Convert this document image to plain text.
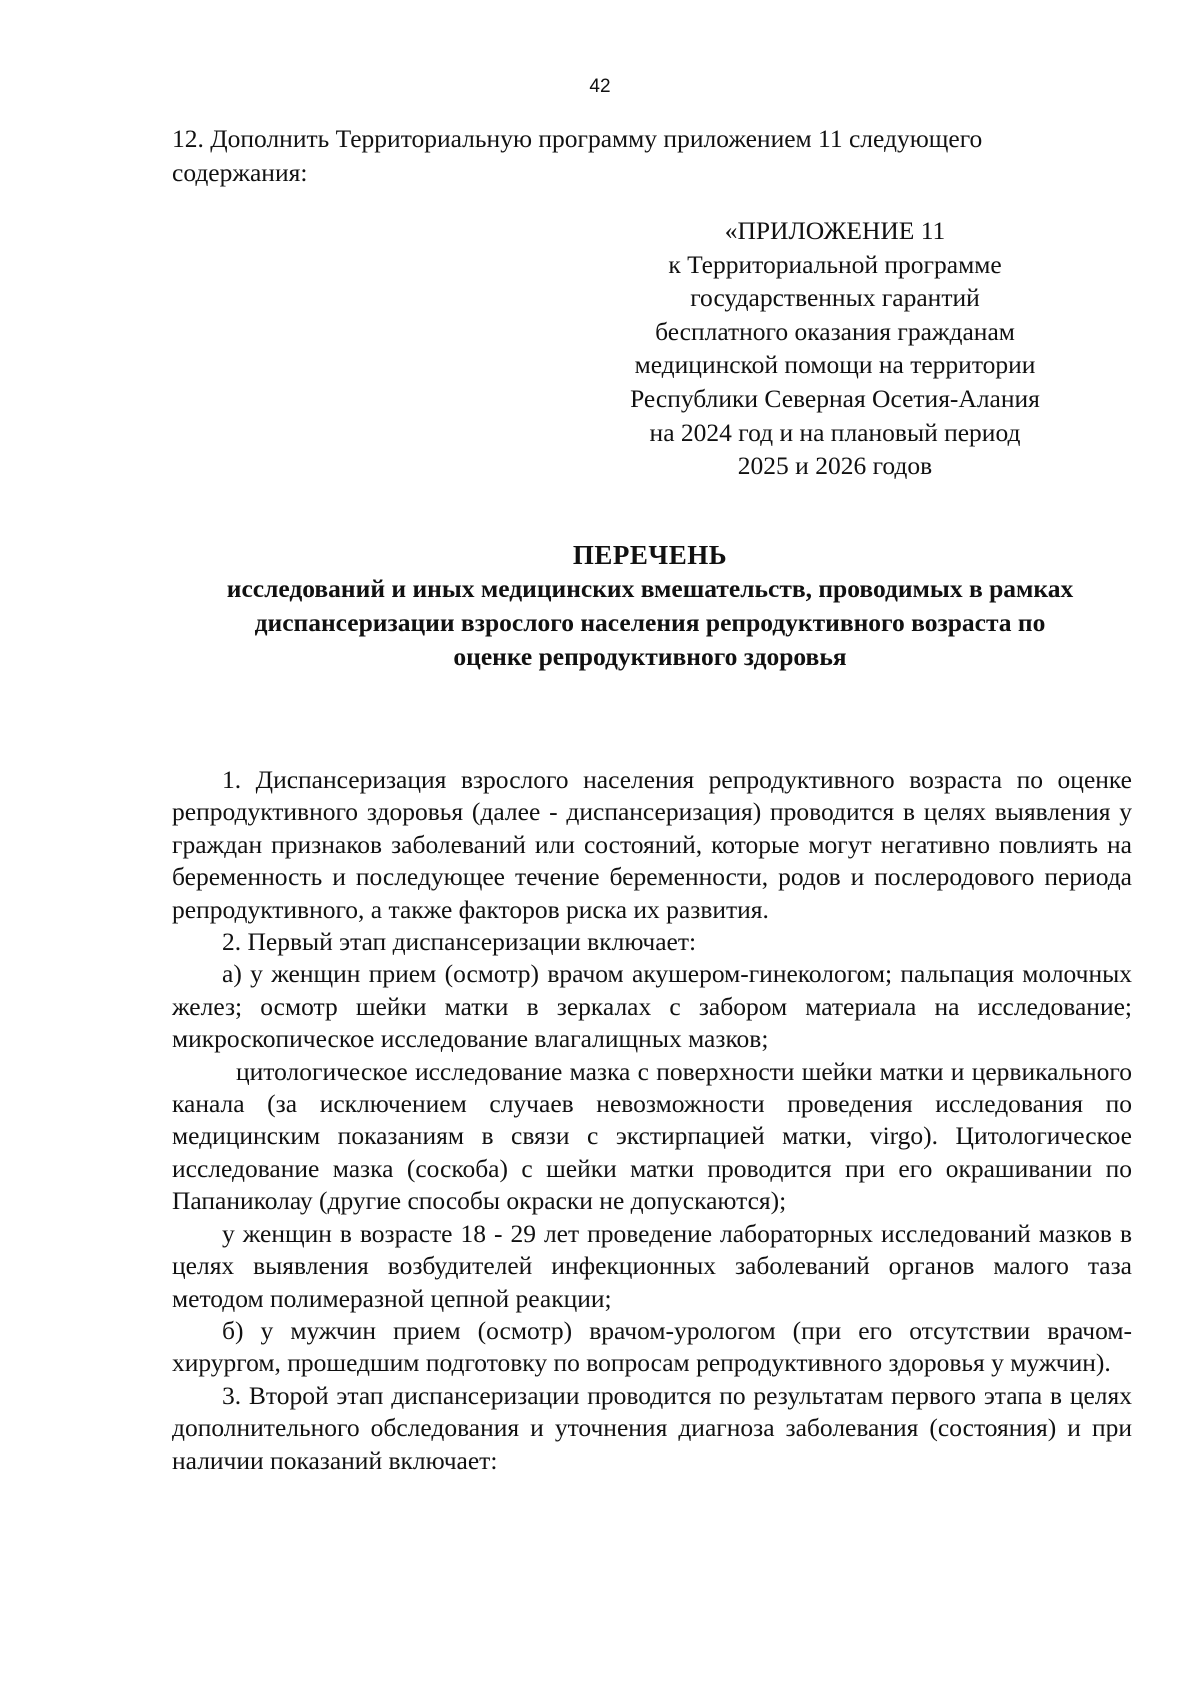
42

12. Дополнить Территориальную программу приложением 11 следующего содержания:

«ПРИЛОЖЕНИЕ 11
к Территориальной программе
государственных гарантий
бесплатного оказания гражданам
медицинской помощи на территории
Республики Северная Осетия-Алания
на 2024 год и на плановый период
2025 и 2026 годов
ПЕРЕЧЕНЬ
исследований и иных медицинских вмешательств, проводимых в рамках
диспансеризации взрослого населения репродуктивного возраста по
оценке репродуктивного здоровья

1. Диспансеризация взрослого населения репродуктивного возраста по оценке репродуктивного здоровья (далее - диспансеризация) проводится в целях выявления у граждан признаков заболеваний или состояний, которые могут негативно повлиять на беременность и последующее течение беременности, родов и послеродового периода репродуктивного, а также факторов риска их развития.

2. Первый этап диспансеризации включает:

а) у женщин прием (осмотр) врачом акушером-гинекологом; пальпация молочных желез; осмотр шейки матки в зеркалах с забором материала на исследование; микроскопическое исследование влагалищных мазков;

цитологическое исследование мазка с поверхности шейки матки и цервикального канала (за исключением случаев невозможности проведения исследования по медицинским показаниям в связи с экстирпацией матки, virgo). Цитологическое исследование мазка (соскоба) с шейки матки проводится при его окрашивании по Папаниколау (другие способы окраски не допускаются);

у женщин в возрасте 18 - 29 лет проведение лабораторных исследований мазков в целях выявления возбудителей инфекционных заболеваний органов малого таза методом полимеразной цепной реакции;

б) у мужчин прием (осмотр) врачом-урологом (при его отсутствии врачом-хирургом, прошедшим подготовку по вопросам репродуктивного здоровья у мужчин).

3. Второй этап диспансеризации проводится по результатам первого этапа в целях дополнительного обследования и уточнения диагноза заболевания (состояния) и при наличии показаний включает:
